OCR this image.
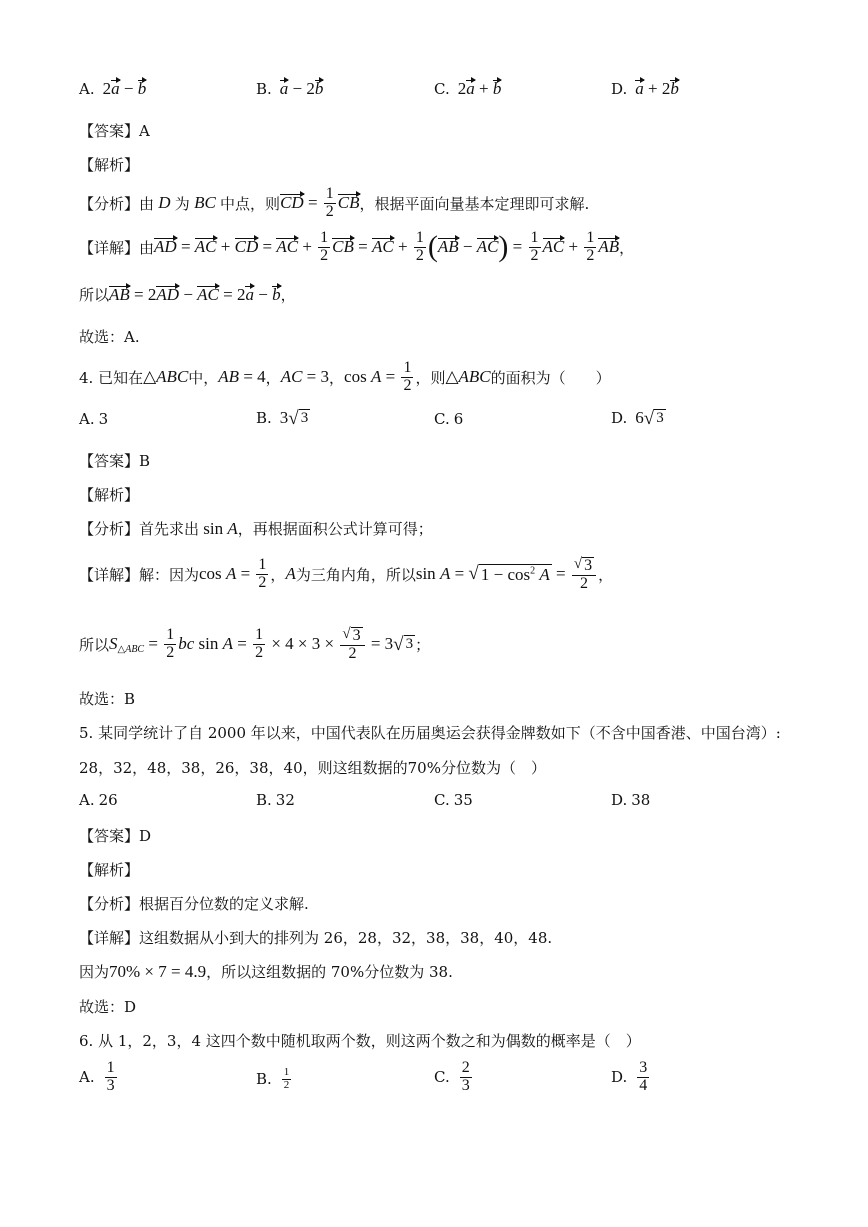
A. 2 a − b	B. a − 2 b	C. 2 a + b	D. a + 2 b
【答案】A
【解析】
【分析】由 D 为 BC 中点，则 CD = $\frac{1}{2}$ CB ，根据平面向量基本定理即可求解.
【详解】由 AD = AC + CD = AC + $\frac{1}{2}$ CB = AC + $\frac{1}{2}$ ( AB − AC ) = $\frac{1}{2}$ AC + $\frac{1}{2}$ AB ，
所以 AB = 2 AD − AC = 2 a − b ，
故选：A.
4. 已知在 △ ABC 中， AB = 4 ， AC = 3 ， $\cos A = \frac{1}{2}$ ，则 △ ABC 的面积为（　　）
A. 3	B. 3 √ 3	C. 6	D. 6 √ 3
【答案】B
【解析】
【分析】首先求出 sin A ，再根据面积公式计算可得；
【详解】解：因为 $\cos A = \frac{1}{2}$ ， A 为三角内角，所以 sin A = √ $1 - \cos^2 A = \frac{√ 3}{2}$ ，
所以 S △ABC = $\frac{1}{2}$ bc $\sin A = \frac{1}{2} \times 4 \times 3 \times \frac{√ 3}{2} = 3$ √ 3 ；
故选：B
5. 某同学统计了自 2000 年以来，中国代表队在历届奥运会获得金牌数如下（不含中国香港、中国台湾）:
28，32，48，38，26，38，40，则这组数据的70%分位数为（　）
A. 26	B. 32	C. 35	D. 38
【答案】D
【解析】
【分析】根据百分位数的定义求解.
【详解】这组数据从小到大的排列为 26，28，32，38，38，40，48.
因为 70% × 7 = 4.9 ，所以这组数据的 70%分位数为 38.
故选：D
6. 从 1，2，3，4 这四个数中随机取两个数，则这两个数之和为偶数的概率是（　）
A. $\frac{1}{3}$	B. $\frac{1}{2}$	C. $\frac{2}{3}$	D. $\frac{3}{4}$
